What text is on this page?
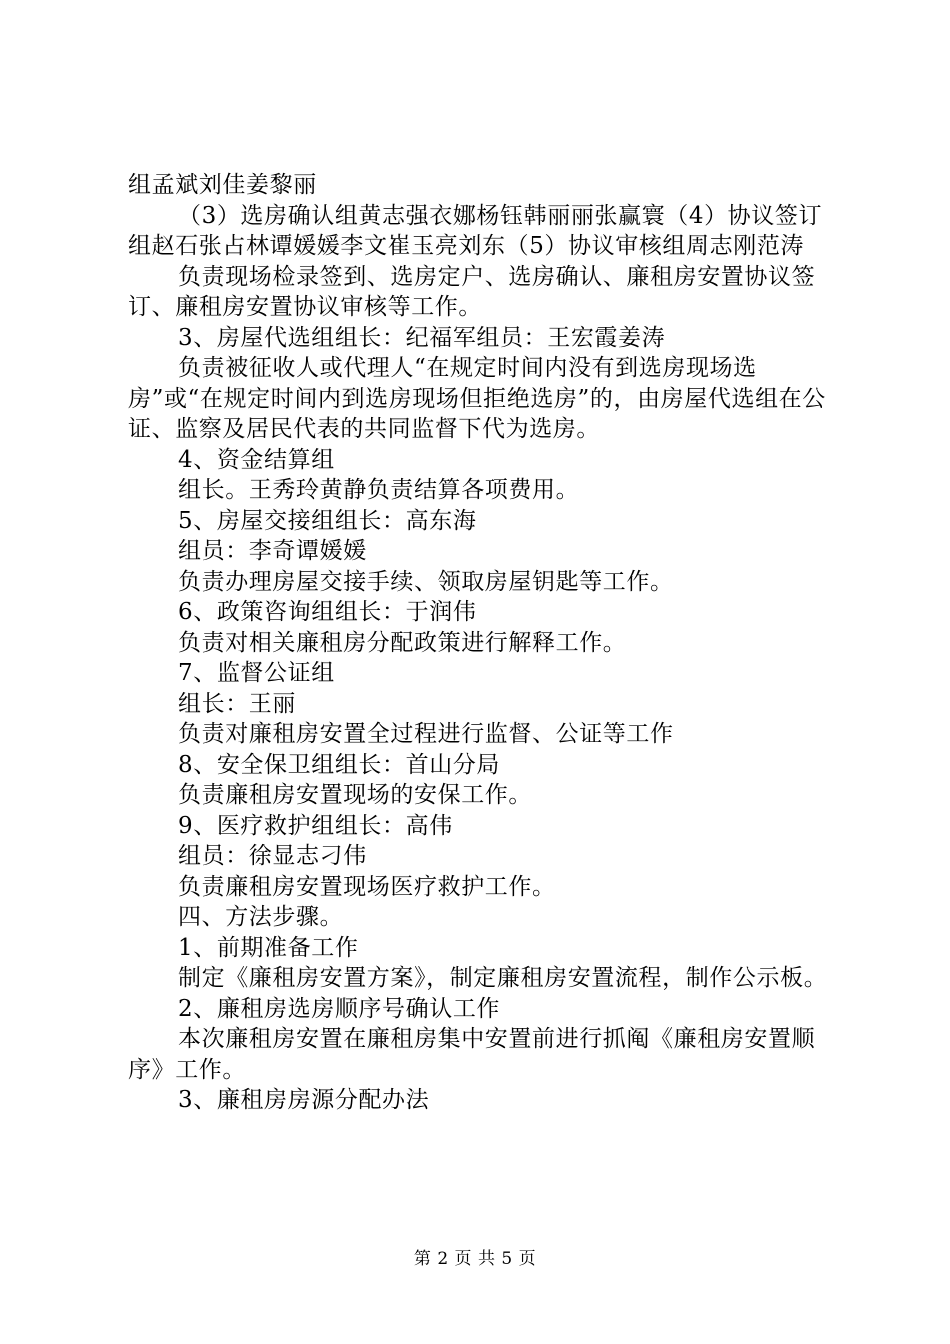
组孟斌刘佳姜黎丽

（3）选房确认组黄志强衣娜杨钰韩丽丽张赢寰（4）协议签订组赵石张占林谭媛媛李文崔玉亮刘东（5）协议审核组周志刚范涛

负责现场检录签到、选房定户、选房确认、廉租房安置协议签订、廉租房安置协议审核等工作。

3、房屋代选组组长：纪福军组员：王宏霞姜涛

负责被征收人或代理人“在规定时间内没有到选房现场选房”或“在规定时间内到选房现场但拒绝选房”的，由房屋代选组在公证、监察及居民代表的共同监督下代为选房。

4、资金结算组

组长。王秀玲黄静负责结算各项费用。

5、房屋交接组组长：高东海

组员：李奇谭媛媛

负责办理房屋交接手续、领取房屋钥匙等工作。

6、政策咨询组组长：于润伟

负责对相关廉租房分配政策进行解释工作。

7、监督公证组

组长：王丽

负责对廉租房安置全过程进行监督、公证等工作

8、安全保卫组组长：首山分局

负责廉租房安置现场的安保工作。

9、医疗救护组组长：高伟

组员：徐显志刁伟

负责廉租房安置现场医疗救护工作。

四、方法步骤。

1、前期准备工作

制定《廉租房安置方案》，制定廉租房安置流程，制作公示板。

2、廉租房选房顺序号确认工作

本次廉租房安置在廉租房集中安置前进行抓阄《廉租房安置顺序》工作。

3、廉租房房源分配办法

第 2 页 共 5 页
